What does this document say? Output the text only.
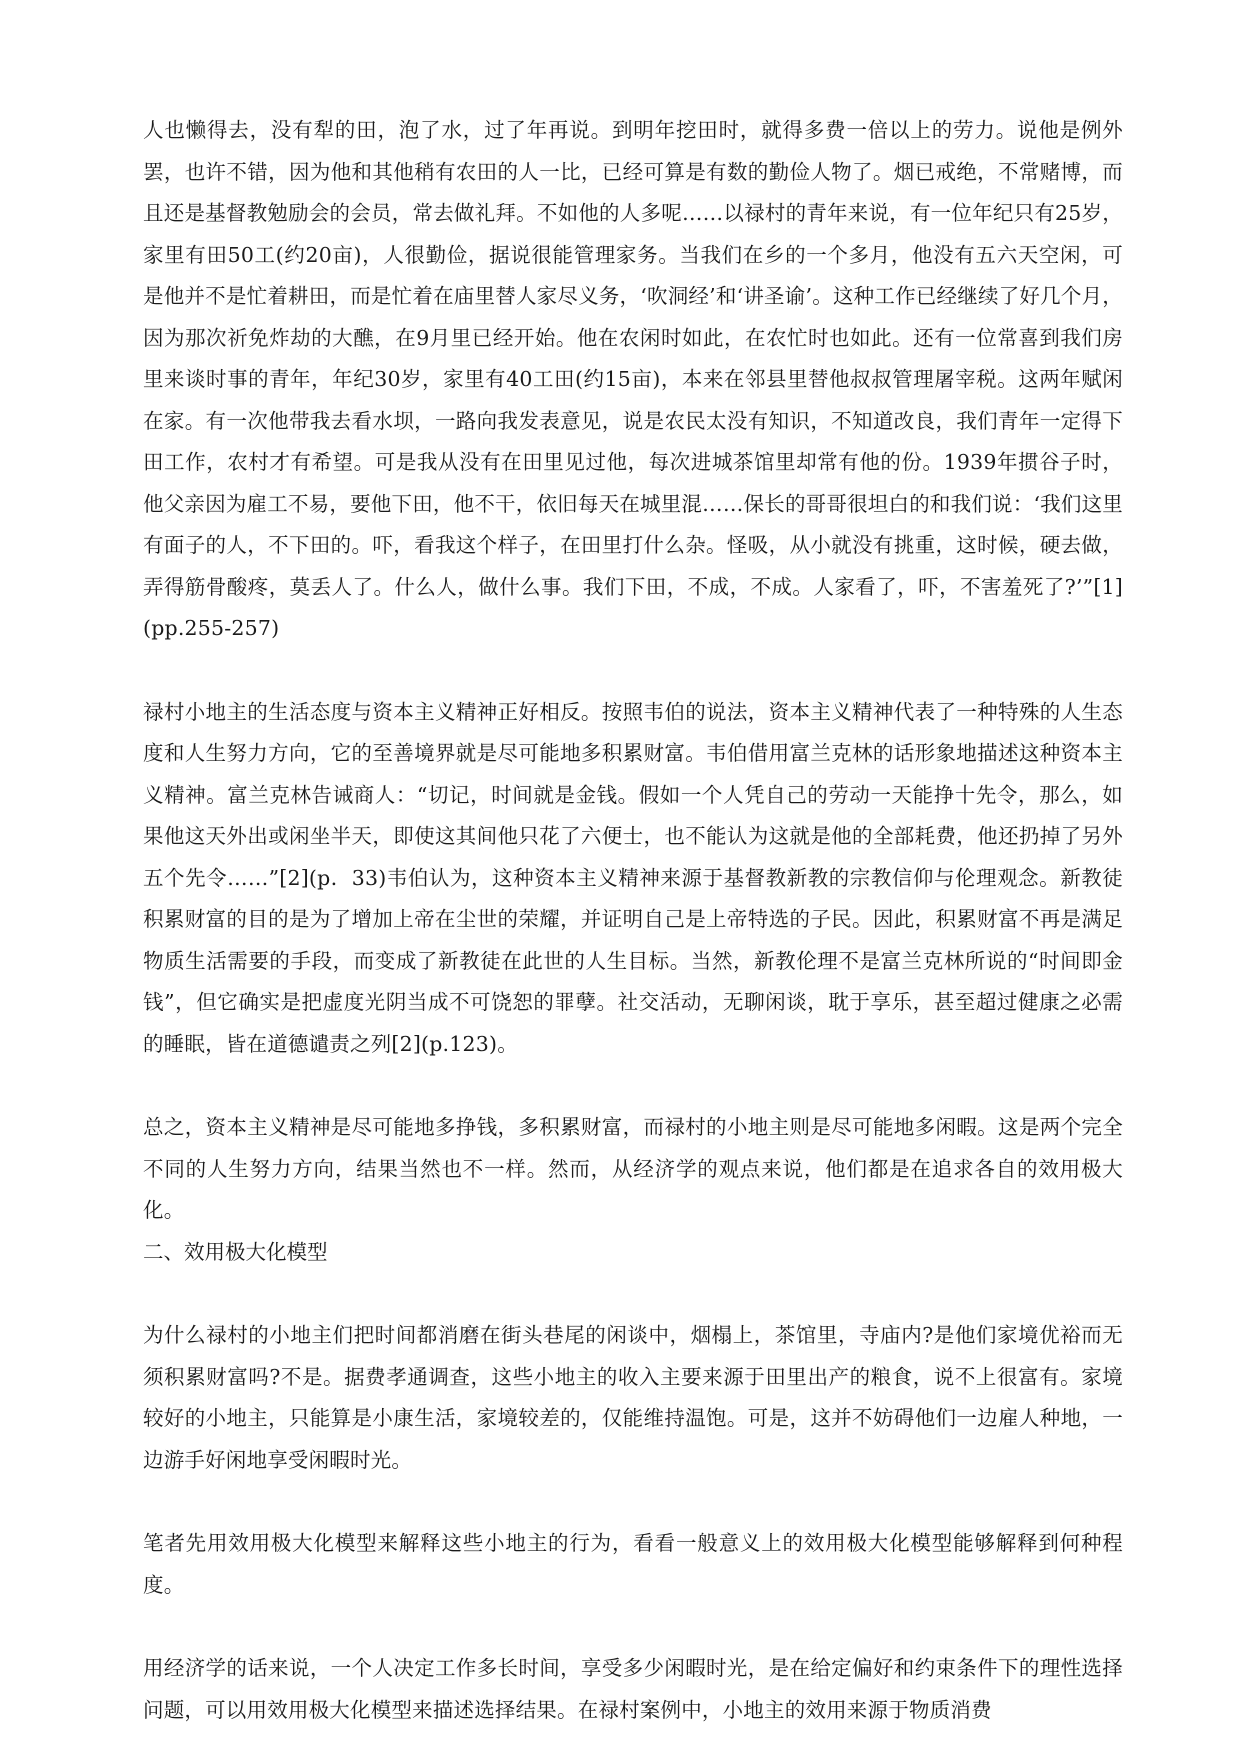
人也懒得去，没有犁的田，泡了水，过了年再说。到明年挖田时，就得多费一倍以上的劳力。说他是例外罢，也许不错，因为他和其他稍有农田的人一比，已经可算是有数的勤俭人物了。烟已戒绝，不常赌博，而且还是基督教勉励会的会员，常去做礼拜。不如他的人多呢……以禄村的青年来说，有一位年纪只有25岁，家里有田50工(约20亩)，人很勤俭，据说很能管理家务。当我们在乡的一个多月，他没有五六天空闲，可是他并不是忙着耕田，而是忙着在庙里替人家尽义务，‘吹洞经’和‘讲圣谕’。这种工作已经继续了好几个月，因为那次祈免炸劫的大醮，在9月里已经开始。他在农闲时如此，在农忙时也如此。还有一位常喜到我们房里来谈时事的青年，年纪30岁，家里有40工田(约15亩)，本来在邻县里替他叔叔管理屠宰税。这两年赋闲在家。有一次他带我去看水坝，一路向我发表意见，说是农民太没有知识，不知道改良，我们青年一定得下田工作，农村才有希望。可是我从没有在田里见过他，每次进城茶馆里却常有他的份。1939年掼谷子时，他父亲因为雇工不易，要他下田，他不干，依旧每天在城里混……保长的哥哥很坦白的和我们说：‘我们这里有面子的人，不下田的。吓，看我这个样子，在田里打什么杂。怪吸，从小就没有挑重，这时候，硬去做，弄得筋骨酸疼，莫丢人了。什么人，做什么事。我们下田，不成，不成。人家看了，吓，不害羞死了?’”[1](pp.255-257)

禄村小地主的生活态度与资本主义精神正好相反。按照韦伯的说法，资本主义精神代表了一种特殊的人生态度和人生努力方向，它的至善境界就是尽可能地多积累财富。韦伯借用富兰克林的话形象地描述这种资本主义精神。富兰克林告诫商人：“切记，时间就是金钱。假如一个人凭自己的劳动一天能挣十先令，那么，如果他这天外出或闲坐半天，即使这其间他只花了六便士，也不能认为这就是他的全部耗费，他还扔掉了另外五个先令……”[2](p．33)韦伯认为，这种资本主义精神来源于基督教新教的宗教信仰与伦理观念。新教徒积累财富的目的是为了增加上帝在尘世的荣耀，并证明自己是上帝特选的子民。因此，积累财富不再是满足物质生活需要的手段，而变成了新教徒在此世的人生目标。当然，新教伦理不是富兰克林所说的“时间即金钱”，但它确实是把虚度光阴当成不可饶恕的罪孽。社交活动，无聊闲谈，耽于享乐，甚至超过健康之必需的睡眠，皆在道德谴责之列[2](p.123)。

总之，资本主义精神是尽可能地多挣钱，多积累财富，而禄村的小地主则是尽可能地多闲暇。这是两个完全不同的人生努力方向，结果当然也不一样。然而，从经济学的观点来说，他们都是在追求各自的效用极大化。

二、效用极大化模型

为什么禄村的小地主们把时间都消磨在街头巷尾的闲谈中，烟榻上，茶馆里，寺庙内?是他们家境优裕而无须积累财富吗?不是。据费孝通调查，这些小地主的收入主要来源于田里出产的粮食，说不上很富有。家境较好的小地主，只能算是小康生活，家境较差的，仅能维持温饱。可是，这并不妨碍他们一边雇人种地，一边游手好闲地享受闲暇时光。

笔者先用效用极大化模型来解释这些小地主的行为，看看一般意义上的效用极大化模型能够解释到何种程度。

用经济学的话来说，一个人决定工作多长时间，享受多少闲暇时光，是在给定偏好和约束条件下的理性选择问题，可以用效用极大化模型来描述选择结果。在禄村案例中，小地主的效用来源于物质消费
